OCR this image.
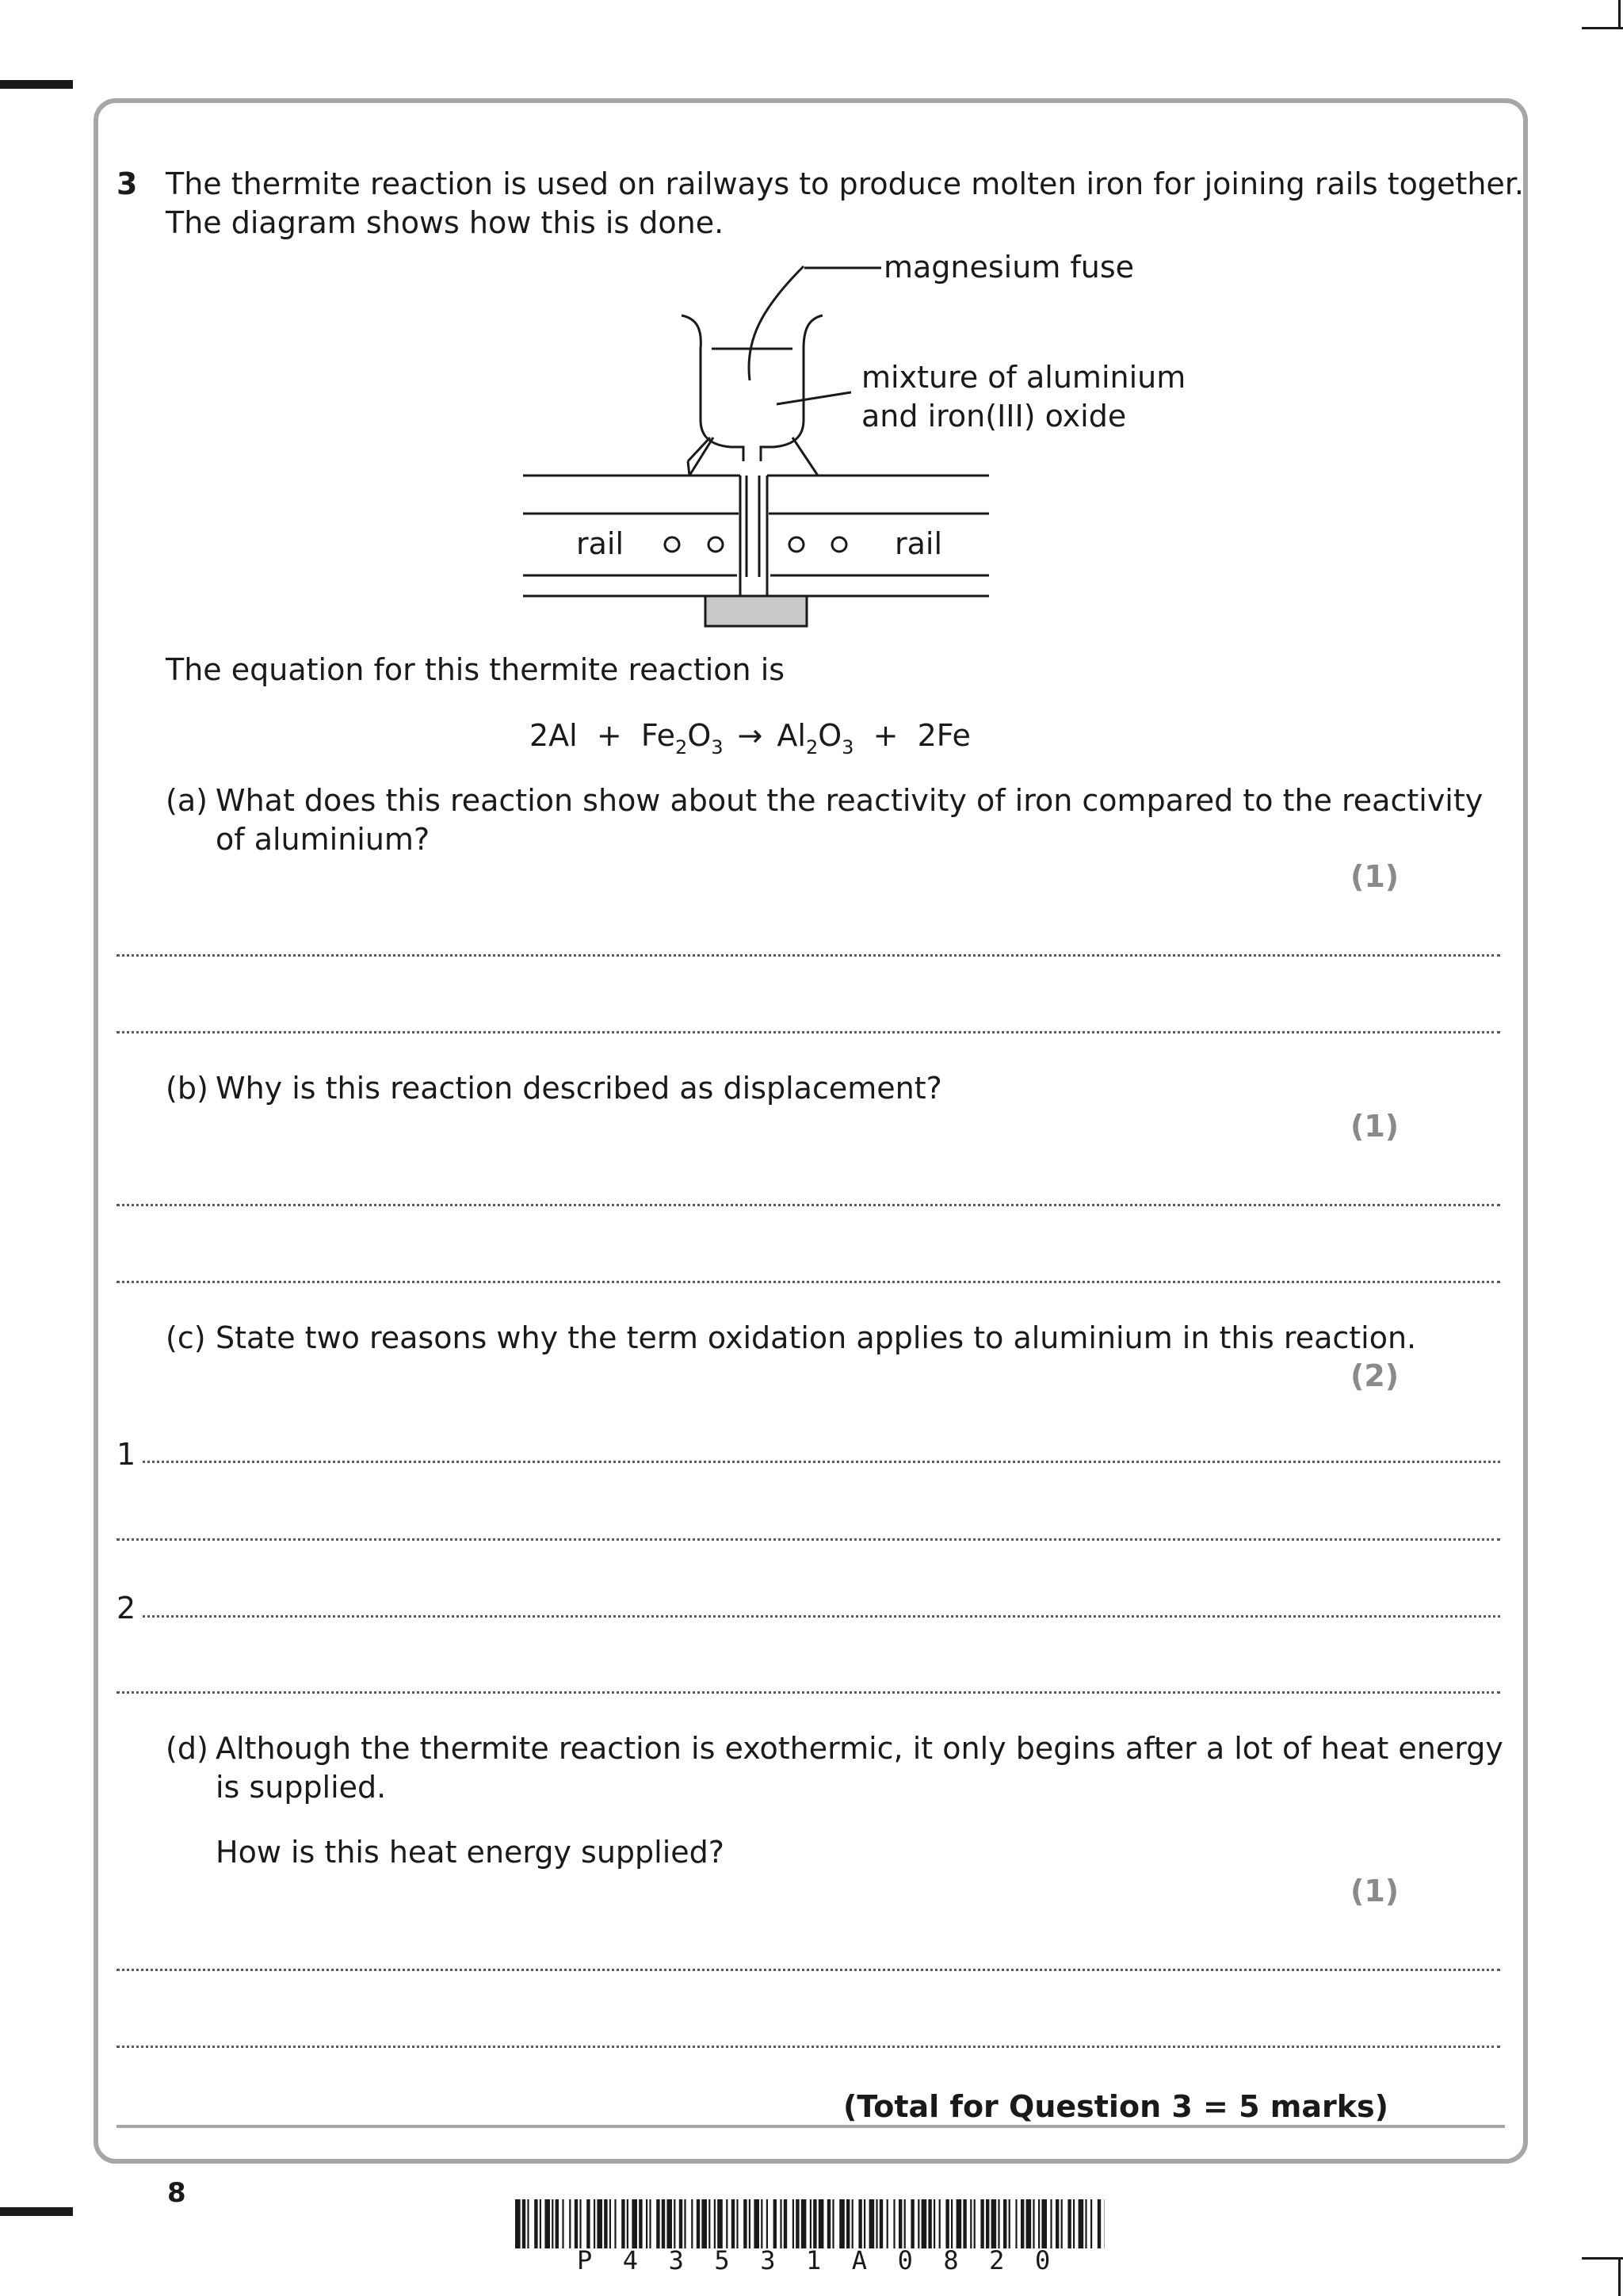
3 The thermite reaction is used on railways to produce molten iron for joining rails together.
The diagram shows how this is done.
magnesium fuse
mixture of aluminium
and iron(III) oxide
rail	rail
The equation for this thermite reaction is
$2Al + Fe_2O_3 \to Al_2O_3 + 2Fe$
(a) What does this reaction show about the reactivity of iron compared to the reactivity
of aluminium?
(1)
(b) Why is this reaction described as displacement?
(1)
(c) State two reasons why the term oxidation applies to aluminium in this reaction.
(2)
1
2
(d) Although the thermite reaction is exothermic, it only begins after a lot of heat energy
is supplied.
How is this heat energy supplied?
(1)
(Total for Question 3 = 5 marks)
8
P  4  3  5  3  1  A  0  8  2  0
